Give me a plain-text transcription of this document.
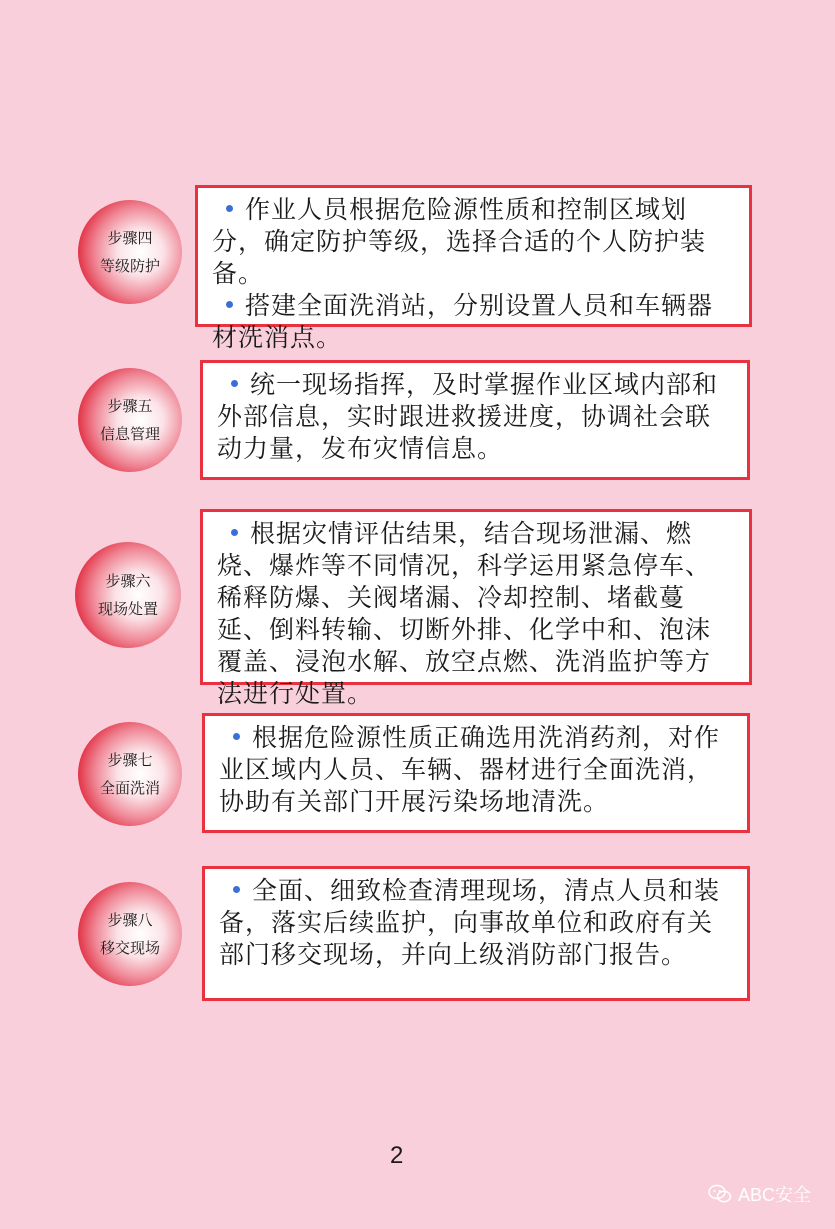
步骤四
等级防护

作业人员根据危险源性质和控制区域划分，确定防护等级，选择合适的个人防护装备。

搭建全面洗消站，分别设置人员和车辆器材洗消点。

步骤五
信息管理

统一现场指挥，及时掌握作业区域内部和外部信息，实时跟进救援进度，协调社会联动力量，发布灾情信息。

步骤六
现场处置

根据灾情评估结果，结合现场泄漏、燃烧、爆炸等不同情况，科学运用紧急停车、稀释防爆、关阀堵漏、冷却控制、堵截蔓延、倒料转输、切断外排、化学中和、泡沫覆盖、浸泡水解、放空点燃、洗消监护等方法进行处置。

步骤七
全面洗消

根据危险源性质正确选用洗消药剂，对作业区域内人员、车辆、器材进行全面洗消，协助有关部门开展污染场地清洗。

步骤八
移交现场

全面、细致检查清理现场，清点人员和装备，落实后续监护，向事故单位和政府有关部门移交现场，并向上级消防部门报告。

2
ABC安全
